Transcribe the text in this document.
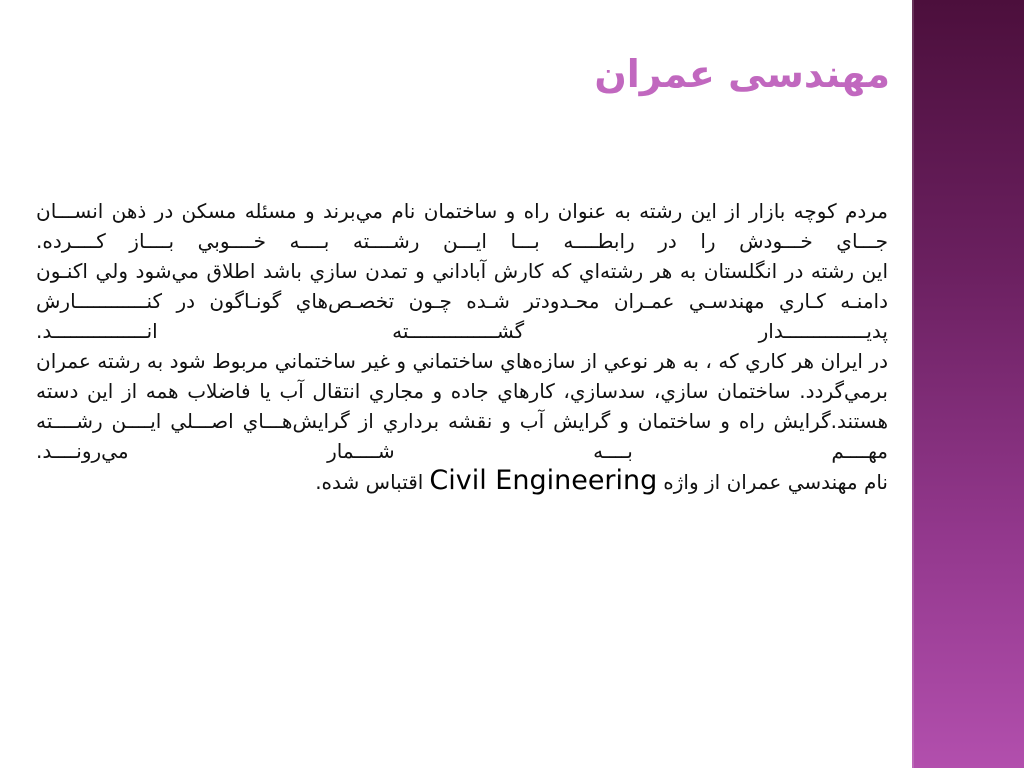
مهندسی عمران

مردم کوچه بازار از این رشته به عنوان راه و ساختمان نام مي‌برند و مسئله مسکن در ذهن انســـان جـــاي خـــودش را در رابطــــه بـــا ايـــن رشــــته بــــه خــــوبي بــــاز کــــرده.

این رشته در انگلستان به هر رشته‌اي که کارش آباداني و تمدن سازي باشد اطلاق مي‌شود ولي اکنـون دامنـه کـاري مهندسـي عمـران محـدودتر شـده چـون تخصـص‌هاي گونـاگون در کنــــــــــــارش پديــــــــــــــدار گشـــــــــــــــته انــــــــــــــــد.

در ايران هر کاري که ، به هر نوعي از سازه‌هاي ساختماني و غير ساختماني مربوط شود به رشته عمران برمي‌گردد. ساختمان سازي، سدسازي، کارهاي جاده و مجاري انتقال آب يا فاضلاب همه از اين دسته هستند.گرايش راه و ساختمان و گرايش آب و نقشه برداري از گرايش‌هـــاي اصـــلي ايــــن رشــــته مهــــم بــــه شــــمار مي‌رونــــد.

نام مهندسي عمران از واژهCivil Engineeringاقتباس شده.
